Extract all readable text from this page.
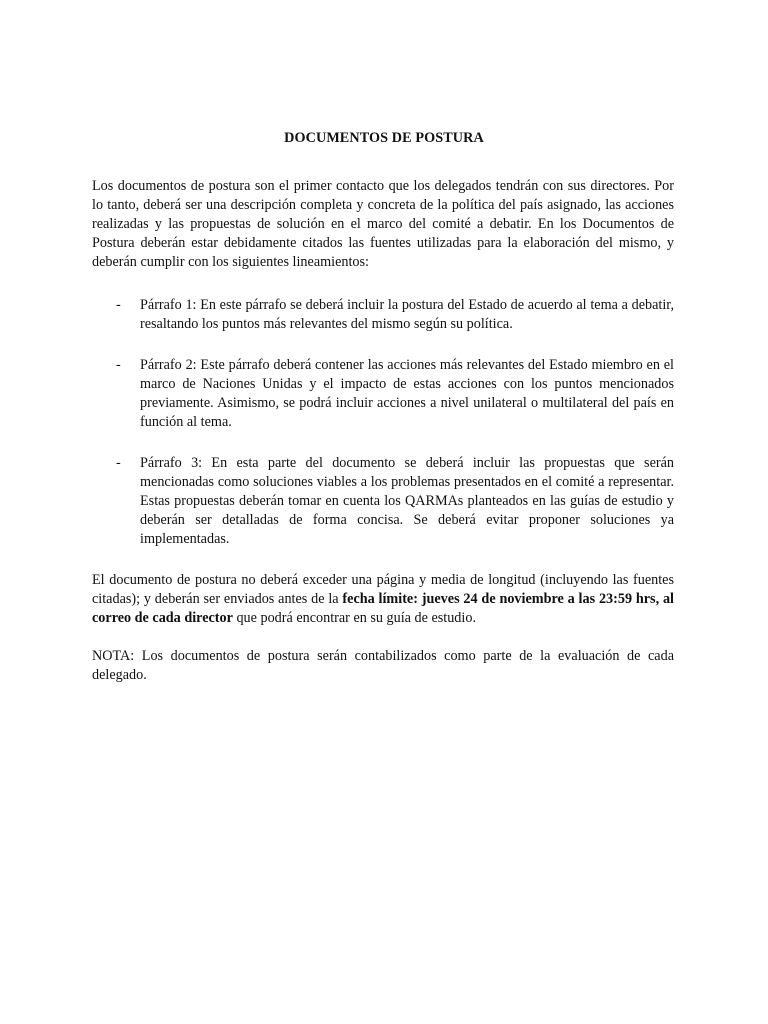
DOCUMENTOS DE POSTURA

Los documentos de postura son el primer contacto que los delegados tendrán con sus directores. Por lo tanto, deberá ser una descripción completa y concreta de la política del país asignado, las acciones realizadas y las propuestas de solución en el marco del comité a debatir. En los Documentos de Postura deberán estar debidamente citados las fuentes utilizadas para la elaboración del mismo, y deberán cumplir con los siguientes lineamientos:

- Párrafo 1: En este párrafo se deberá incluir la postura del Estado de acuerdo al tema a debatir, resaltando los puntos más relevantes del mismo según su política.

- Párrafo 2: Este párrafo deberá contener las acciones más relevantes del Estado miembro en el marco de Naciones Unidas y el impacto de estas acciones con los puntos mencionados previamente. Asimismo, se podrá incluir acciones a nivel unilateral o multilateral del país en función al tema.

- Párrafo 3: En esta parte del documento se deberá incluir las propuestas que serán mencionadas como soluciones viables a los problemas presentados en el comité a representar. Estas propuestas deberán tomar en cuenta los QARMAs planteados en las guías de estudio y deberán ser detalladas de forma concisa. Se deberá evitar proponer soluciones ya implementadas.

El documento de postura no deberá exceder una página y media de longitud (incluyendo las fuentes citadas); y deberán ser enviados antes de la fecha límite: jueves 24 de noviembre a las 23:59 hrs, al correo de cada director que podrá encontrar en su guía de estudio.

NOTA: Los documentos de postura serán contabilizados como parte de la evaluación de cada delegado.
